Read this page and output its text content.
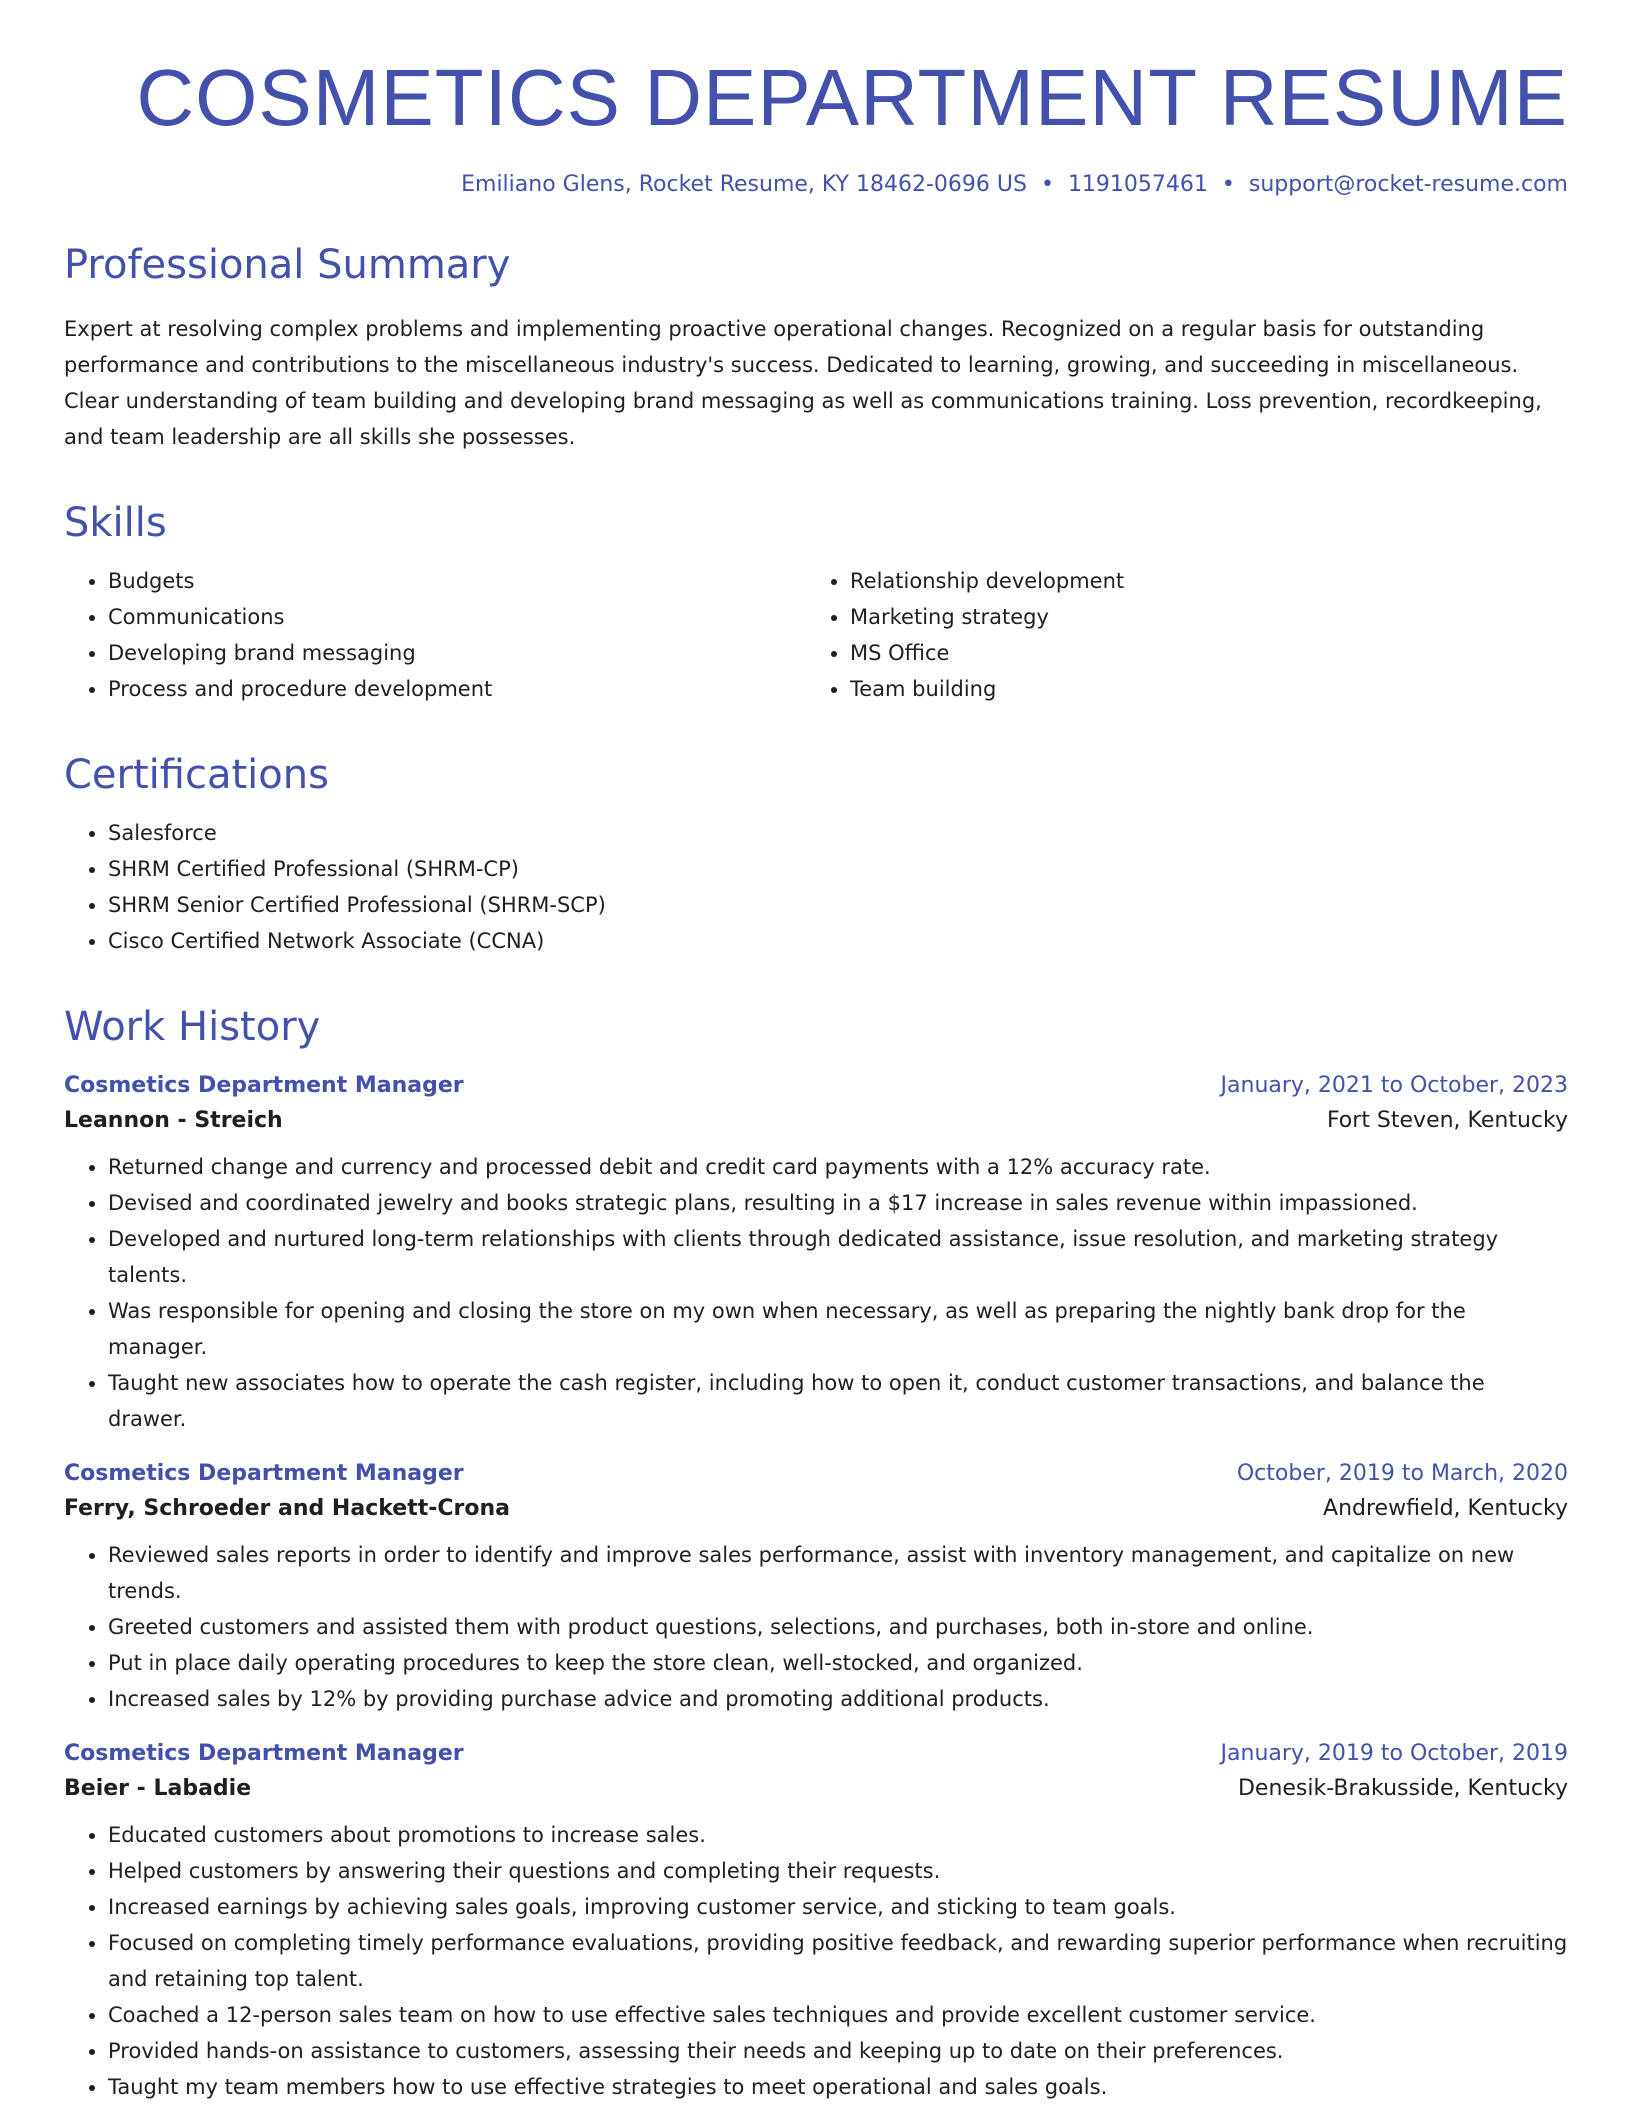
COSMETICS DEPARTMENT RESUME
Emiliano Glens, Rocket Resume, KY 18462-0696 US • 1191057461 • support@rocket-resume.com
Professional Summary

Expert at resolving complex problems and implementing proactive operational changes. Recognized on a regular basis for outstanding performance and contributions to the miscellaneous industry's success. Dedicated to learning, growing, and succeeding in miscellaneous. Clear understanding of team building and developing brand messaging as well as communications training. Loss prevention, recordkeeping, and team leadership are all skills she possesses.

Skills
• Budgets
• Communications
• Developing brand messaging
• Process and procedure development
• Relationship development
• Marketing strategy
• MS Office
• Team building
Certifications
• Salesforce
• SHRM Certified Professional (SHRM-CP)
• SHRM Senior Certified Professional (SHRM-SCP)
• Cisco Certified Network Associate (CCNA)
Work History
Cosmetics Department Manager	January, 2021 to October, 2023
Leannon - Streich	Fort Steven, Kentucky
• Returned change and currency and processed debit and credit card payments with a 12% accuracy rate.
• Devised and coordinated jewelry and books strategic plans, resulting in a $17 increase in sales revenue within impassioned.
• Developed and nurtured long-term relationships with clients through dedicated assistance, issue resolution, and marketing strategy talents.
• Was responsible for opening and closing the store on my own when necessary, as well as preparing the nightly bank drop for the manager.
• Taught new associates how to operate the cash register, including how to open it, conduct customer transactions, and balance the drawer.
Cosmetics Department Manager	October, 2019 to March, 2020
Ferry, Schroeder and Hackett-Crona	Andrewfield, Kentucky
• Reviewed sales reports in order to identify and improve sales performance, assist with inventory management, and capitalize on new trends.
• Greeted customers and assisted them with product questions, selections, and purchases, both in-store and online.
• Put in place daily operating procedures to keep the store clean, well-stocked, and organized.
• Increased sales by 12% by providing purchase advice and promoting additional products.
Cosmetics Department Manager	January, 2019 to October, 2019
Beier - Labadie	Denesik-Brakusside, Kentucky
• Educated customers about promotions to increase sales.
• Helped customers by answering their questions and completing their requests.
• Increased earnings by achieving sales goals, improving customer service, and sticking to team goals.
• Focused on completing timely performance evaluations, providing positive feedback, and rewarding superior performance when recruiting and retaining top talent.
• Coached a 12-person sales team on how to use effective sales techniques and provide excellent customer service.
• Provided hands-on assistance to customers, assessing their needs and keeping up to date on their preferences.
• Taught my team members how to use effective strategies to meet operational and sales goals.
